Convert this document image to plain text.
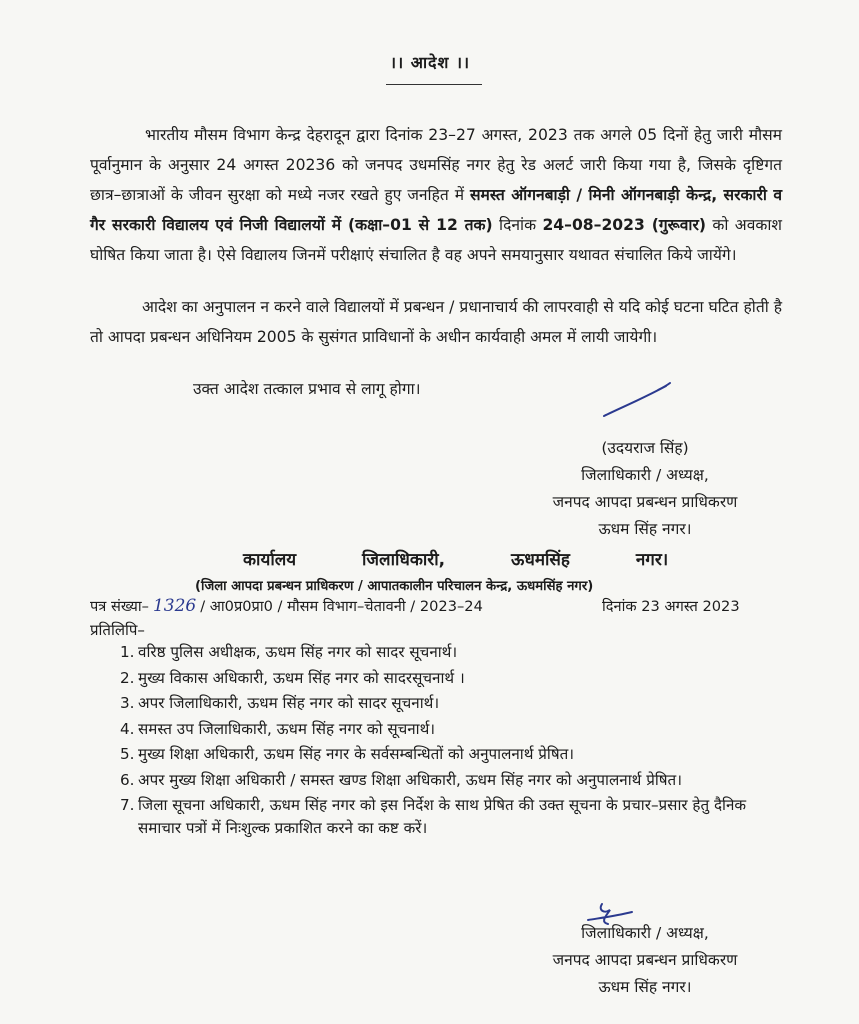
।। आदेश ।।
भारतीय मौसम विभाग केन्द्र देहरादून द्वारा दिनांक 23–27 अगस्त, 2023 तक अगले 05 दिनों हेतु जारी मौसम पूर्वानुमान के अनुसार 24 अगस्त 20236 को जनपद उधमसिंह नगर हेतु रेड अलर्ट जारी किया गया है, जिसके दृष्टिगत छात्र–छात्राओं के जीवन सुरक्षा को मध्ये नजर रखते हुए जनहित में समस्त ऑगनबाड़ी / मिनी ऑगनबाड़ी केन्द्र, सरकारी व गैर सरकारी विद्यालय एवं निजी विद्यालयों में (कक्षा–01 से 12 तक) दिनांक 24–08–2023 (गुरूवार) को अवकाश घोषित किया जाता है। ऐसे विद्यालय जिनमें परीक्षाएं संचालित है वह अपने समयानुसार यथावत संचालित किये जायेंगे।
आदेश का अनुपालन न करने वाले विद्यालयों में प्रबन्धन / प्रधानाचार्य की लापरवाही से यदि कोई घटना घटित होती है तो आपदा प्रबन्धन अधिनियम 2005 के सुसंगत प्राविधानों के अधीन कार्यवाही अमल में लायी जायेगी।
उक्त आदेश तत्काल प्रभाव से लागू होगा।
(उदयराज सिंह)
जिलाधिकारी / अध्यक्ष,
जनपद आपदा प्रबन्धन प्राधिकरण
ऊधम सिंह नगर।
कार्यालय जिलाधिकारी, ऊधमसिंह नगर।
(जिला आपदा प्रबन्धन प्राधिकरण / आपातकालीन परिचालन केन्द्र, ऊधमसिंह नगर)
पत्र संख्या– 1326 / आ0प्र0प्रा0 / मौसम विभाग–चेतावनी / 2023–24	दिनांक 23 अगस्त 2023
प्रतिलिपि–
1. वरिष्ठ पुलिस अधीक्षक, ऊधम सिंह नगर को सादर सूचनार्थ।
2. मुख्य विकास अधिकारी, ऊधम सिंह नगर को सादरसूचनार्थ ।
3. अपर जिलाधिकारी, ऊधम सिंह नगर को सादर सूचनार्थ।
4. समस्त उप जिलाधिकारी, ऊधम सिंह नगर को सूचनार्थ।
5. मुख्य शिक्षा अधिकारी, ऊधम सिंह नगर के सर्वसम्बन्धितों को अनुपालनार्थ प्रेषित।
6. अपर मुख्य शिक्षा अधिकारी / समस्त खण्ड शिक्षा अधिकारी, ऊधम सिंह नगर को अनुपालनार्थ प्रेषित।
7. जिला सूचना अधिकारी, ऊधम सिंह नगर को इस निर्देश के साथ प्रेषित की उक्त सूचना के प्रचार–प्रसार हेतु दैनिक समाचार पत्रों में निःशुल्क प्रकाशित करने का कष्ट करें।
जिलाधिकारी / अध्यक्ष,
जनपद आपदा प्रबन्धन प्राधिकरण
ऊधम सिंह नगर।
